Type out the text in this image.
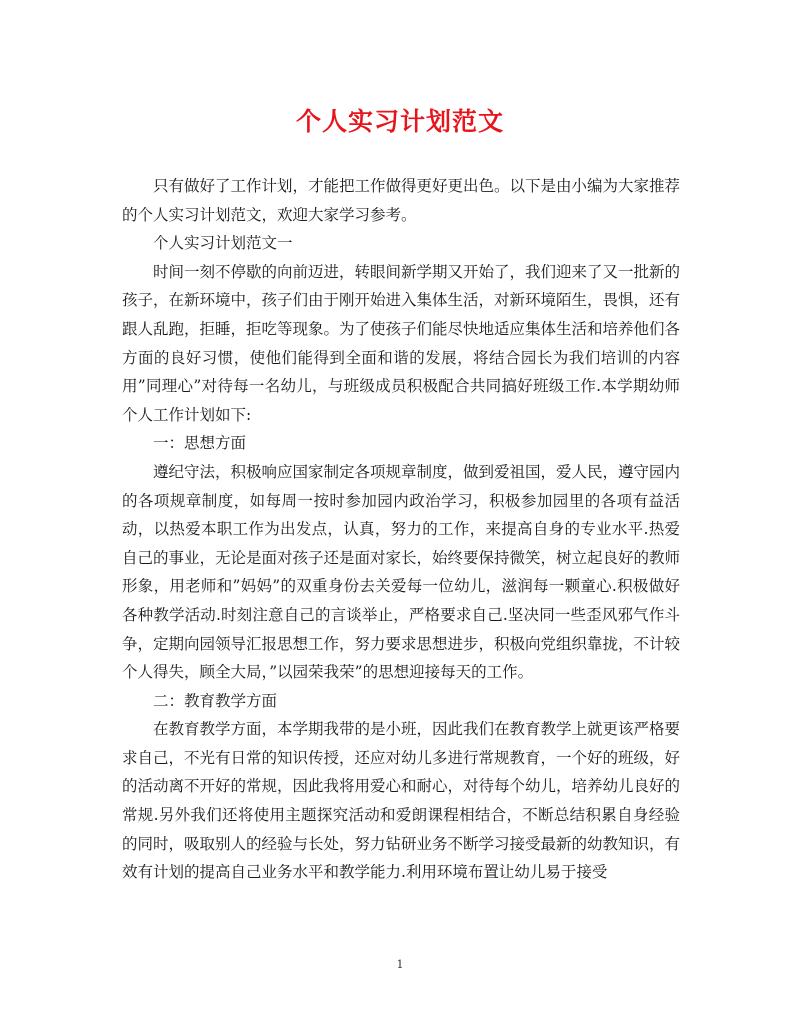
个人实习计划范文

只有做好了工作计划，才能把工作做得更好更出色。以下是由小编为大家推荐的个人实习计划范文，欢迎大家学习参考。

个人实习计划范文一

时间一刻不停歇的向前迈进，转眼间新学期又开始了，我们迎来了又一批新的孩子，在新环境中，孩子们由于刚开始进入集体生活，对新环境陌生，畏惧，还有跟人乱跑，拒睡，拒吃等现象。为了使孩子们能尽快地适应集体生活和培养他们各方面的良好习惯，使他们能得到全面和谐的发展，将结合园长为我们培训的内容用”同理心”对待每一名幼儿，与班级成员积极配合共同搞好班级工作.本学期幼师个人工作计划如下:

一：思想方面

遵纪守法，积极响应国家制定各项规章制度，做到爱祖国，爱人民，遵守园内的各项规章制度，如每周一按时参加园内政治学习，积极参加园里的各项有益活动，以热爱本职工作为出发点，认真，努力的工作，来提高自身的专业水平.热爱自己的事业，无论是面对孩子还是面对家长，始终要保持微笑，树立起良好的教师形象，用老师和”妈妈”的双重身份去关爱每一位幼儿，滋润每一颗童心.积极做好各种教学活动.时刻注意自己的言谈举止，严格要求自己.坚决同一些歪风邪气作斗争，定期向园领导汇报思想工作，努力要求思想进步，积极向党组织靠拢，不计较个人得失，顾全大局，”以园荣我荣”的思想迎接每天的工作。

二：教育教学方面

在教育教学方面，本学期我带的是小班，因此我们在教育教学上就更该严格要求自己，不光有日常的知识传授，还应对幼儿多进行常规教育，一个好的班级，好的活动离不开好的常规，因此我将用爱心和耐心，对待每个幼儿，培养幼儿良好的常规.另外我们还将使用主题探究活动和爱朗课程相结合，不断总结积累自身经验的同时，吸取别人的经验与长处，努力钻研业务不断学习接受最新的幼教知识，有效有计划的提高自己业务水平和教学能力.利用环境布置让幼儿易于接受

1
